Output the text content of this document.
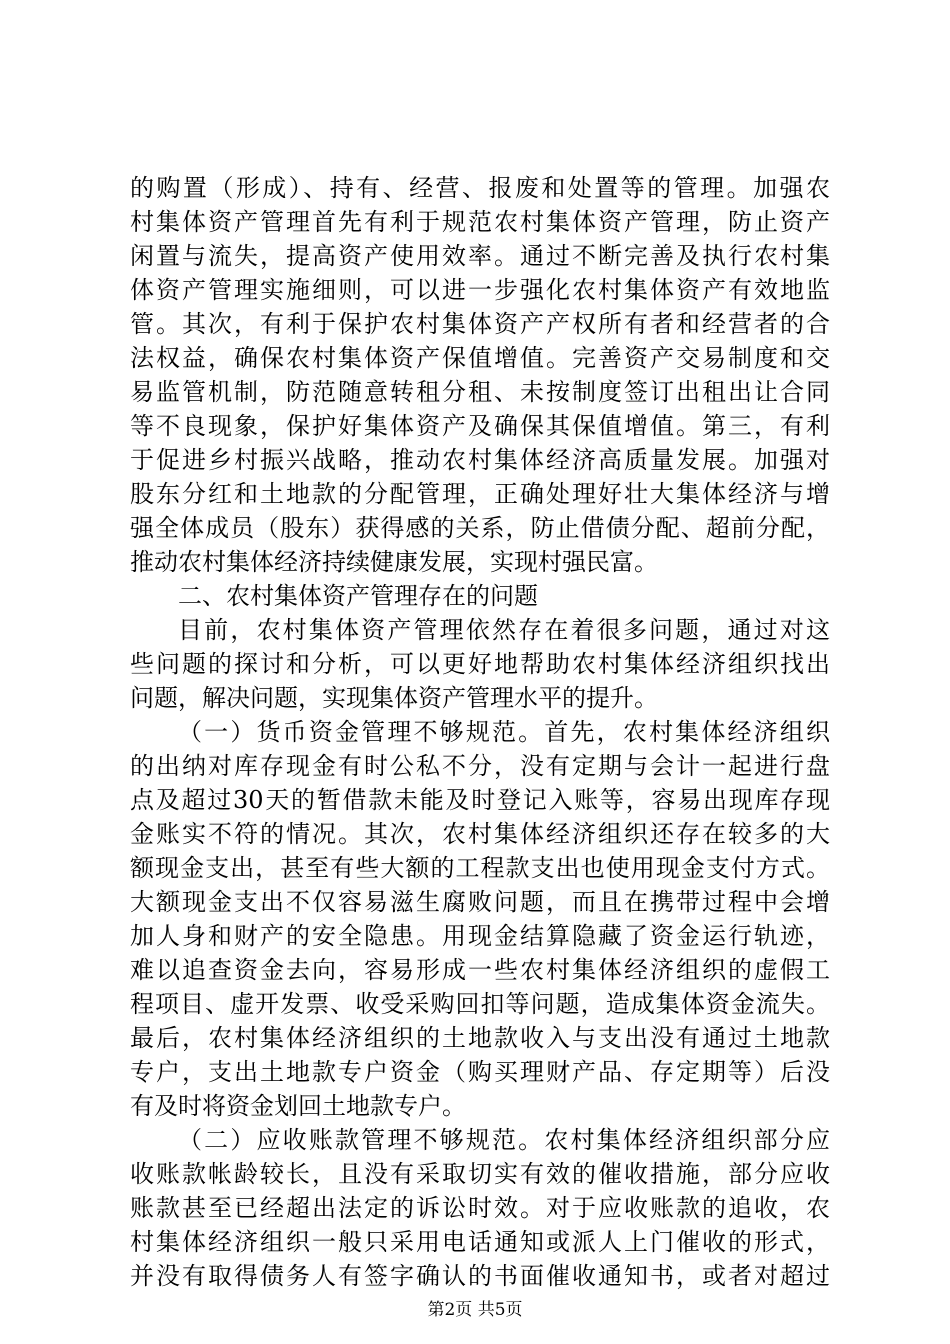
的购置（形成）、持有、经营、报废和处置等的管理。加强农
村集体资产管理首先有利于规范农村集体资产管理，防止资产
闲置与流失，提高资产使用效率。通过不断完善及执行农村集
体资产管理实施细则，可以进一步强化农村集体资产有效地监
管。其次，有利于保护农村集体资产产权所有者和经营者的合
法权益，确保农村集体资产保值增值。完善资产交易制度和交
易监管机制，防范随意转租分租、未按制度签订出租出让合同
等不良现象，保护好集体资产及确保其保值增值。第三，有利
于促进乡村振兴战略，推动农村集体经济高质量发展。加强对
股东分红和土地款的分配管理，正确处理好壮大集体经济与增
强全体成员（股东）获得感的关系，防止借债分配、超前分配，
推动农村集体经济持续健康发展，实现村强民富。
二、农村集体资产管理存在的问题
目前，农村集体资产管理依然存在着很多问题，通过对这
些问题的探讨和分析，可以更好地帮助农村集体经济组织找出
问题，解决问题，实现集体资产管理水平的提升。
（一）货币资金管理不够规范。首先，农村集体经济组织
的出纳对库存现金有时公私不分，没有定期与会计一起进行盘
点及超过30天的暂借款未能及时登记入账等，容易出现库存现
金账实不符的情况。其次，农村集体经济组织还存在较多的大
额现金支出，甚至有些大额的工程款支出也使用现金支付方式。
大额现金支出不仅容易滋生腐败问题，而且在携带过程中会增
加人身和财产的安全隐患。用现金结算隐藏了资金运行轨迹，
难以追查资金去向，容易形成一些农村集体经济组织的虚假工
程项目、虚开发票、收受采购回扣等问题，造成集体资金流失。
最后，农村集体经济组织的土地款收入与支出没有通过土地款
专户，支出土地款专户资金（购买理财产品、存定期等）后没
有及时将资金划回土地款专户。
（二）应收账款管理不够规范。农村集体经济组织部分应
收账款帐龄较长，且没有采取切实有效的催收措施，部分应收
账款甚至已经超出法定的诉讼时效。对于应收账款的追收，农
村集体经济组织一般只采用电话通知或派人上门催收的形式，
并没有取得债务人有签字确认的书面催收通知书，或者对超过
第2页 共5页
